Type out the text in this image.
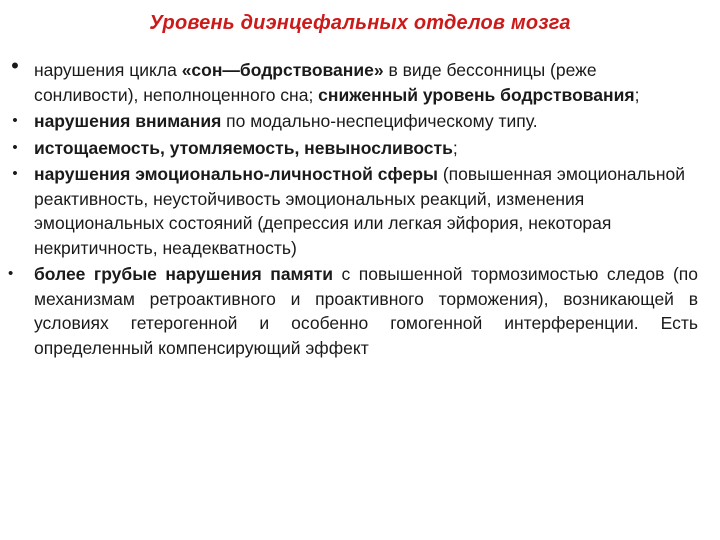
Уровень диэнцефальных отделов мозга
• нарушения цикла «сон—бодрствование» в виде бессонницы (реже сонливости), неполноценного сна; сниженный уровень бодрствования;
• нарушения внимания по модально-неспецифическому типу.
• истощаемость, утомляемость, невыносливость;
• нарушения эмоционально-личностной сферы (повышенная эмоциональной реактивность, неустойчивость эмоциональных реакций, изменения эмоциональных состояний (депрессия или легкая эйфория, некоторая некритичность, неадекватность)
•	более грубые нарушения памяти с повышенной тормозимостью следов (по механизмам ретроактивного и проактивного торможения), возникающей в условиях гетерогенной и особенно гомогенной интерференции. Есть определенный компенсирующий эффект
